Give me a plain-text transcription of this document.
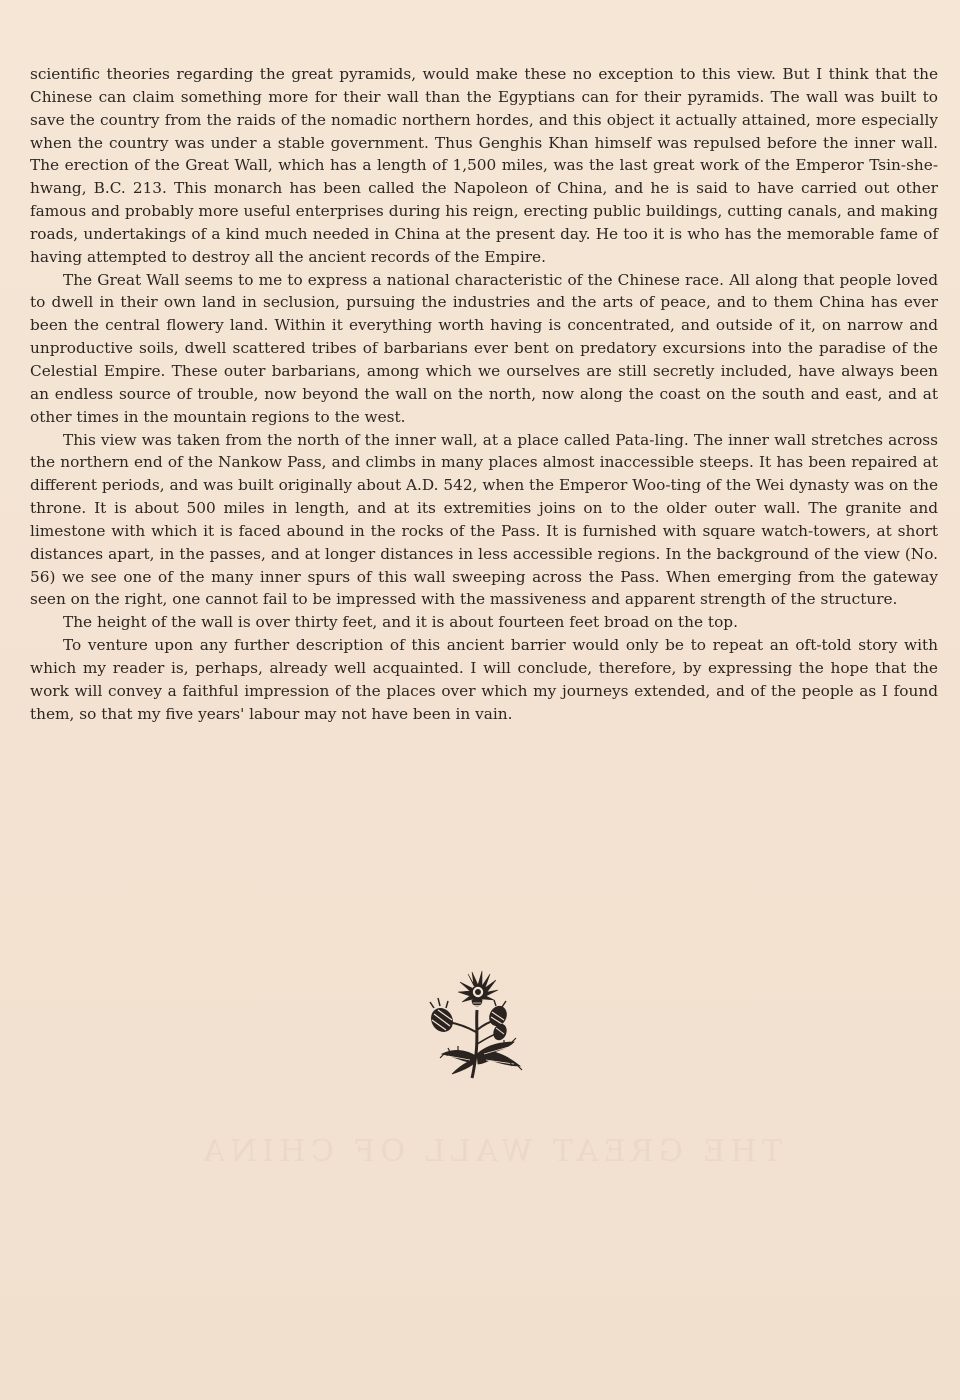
scientific theories regarding the great pyramids, would make these no exception to this view. But I think that the Chinese can claim something more for their wall than the Egyptians can for their pyramids. The wall was built to save the country from the raids of the nomadic northern hordes, and this object it actually attained, more especially when the country was under a stable government. Thus Genghis Khan himself was repulsed before the inner wall. The erection of the Great Wall, which has a length of 1,500 miles, was the last great work of the Emperor Tsin-she-hwang, B.C. 213. This monarch has been called the Napoleon of China, and he is said to have carried out other famous and probably more useful enterprises during his reign, erecting public buildings, cutting canals, and making roads, undertakings of a kind much needed in China at the present day. He too it is who has the memorable fame of having attempted to destroy all the ancient records of the Empire.

The Great Wall seems to me to express a national characteristic of the Chinese race. All along that people loved to dwell in their own land in seclusion, pursuing the industries and the arts of peace, and to them China has ever been the central flowery land. Within it everything worth having is concentrated, and outside of it, on narrow and unproductive soils, dwell scattered tribes of barbarians ever bent on predatory excursions into the paradise of the Celestial Empire. These outer barbarians, among which we ourselves are still secretly included, have always been an endless source of trouble, now beyond the wall on the north, now along the coast on the south and east, and at other times in the mountain regions to the west.

This view was taken from the north of the inner wall, at a place called Pata-ling. The inner wall stretches across the northern end of the Nankow Pass, and climbs in many places almost inaccessible steeps. It has been repaired at different periods, and was built originally about A.D. 542, when the Emperor Woo-ting of the Wei dynasty was on the throne. It is about 500 miles in length, and at its extremities joins on to the older outer wall. The granite and limestone with which it is faced abound in the rocks of the Pass. It is furnished with square watch-towers, at short distances apart, in the passes, and at longer distances in less accessible regions. In the background of the view (No. 56) we see one of the many inner spurs of this wall sweeping across the Pass. When emerging from the gateway seen on the right, one cannot fail to be impressed with the massiveness and apparent strength of the structure.

The height of the wall is over thirty feet, and it is about fourteen feet broad on the top.

To venture upon any further description of this ancient barrier would only be to repeat an oft-told story with which my reader is, perhaps, already well acquainted. I will conclude, therefore, by expressing the hope that the work will convey a faithful impression of the places over which my journeys extended, and of the people as I found them, so that my five years' labour may not have been in vain.

THE GREAT WALL OF CHINA
